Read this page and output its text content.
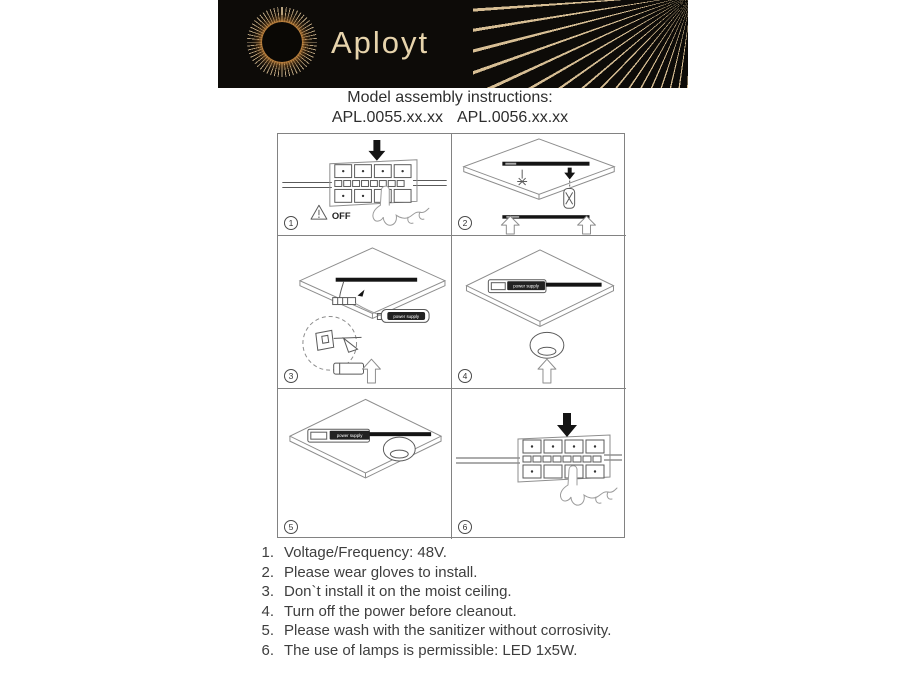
Aployt
Model assembly instructions:
APL.0055.xx.xx APL.0056.xx.xx
OFF
1	2
power supply
3
power supply
4
power supply
5	6
1. Voltage/Frequency: 48V.
2. Please wear gloves to install.
3. Don`t install it on the moist ceiling.
4. Turn off the power before cleanout.
5. Please wash with the sanitizer without corrosivity.
6. The use of lamps is permissible: LED 1x5W.
